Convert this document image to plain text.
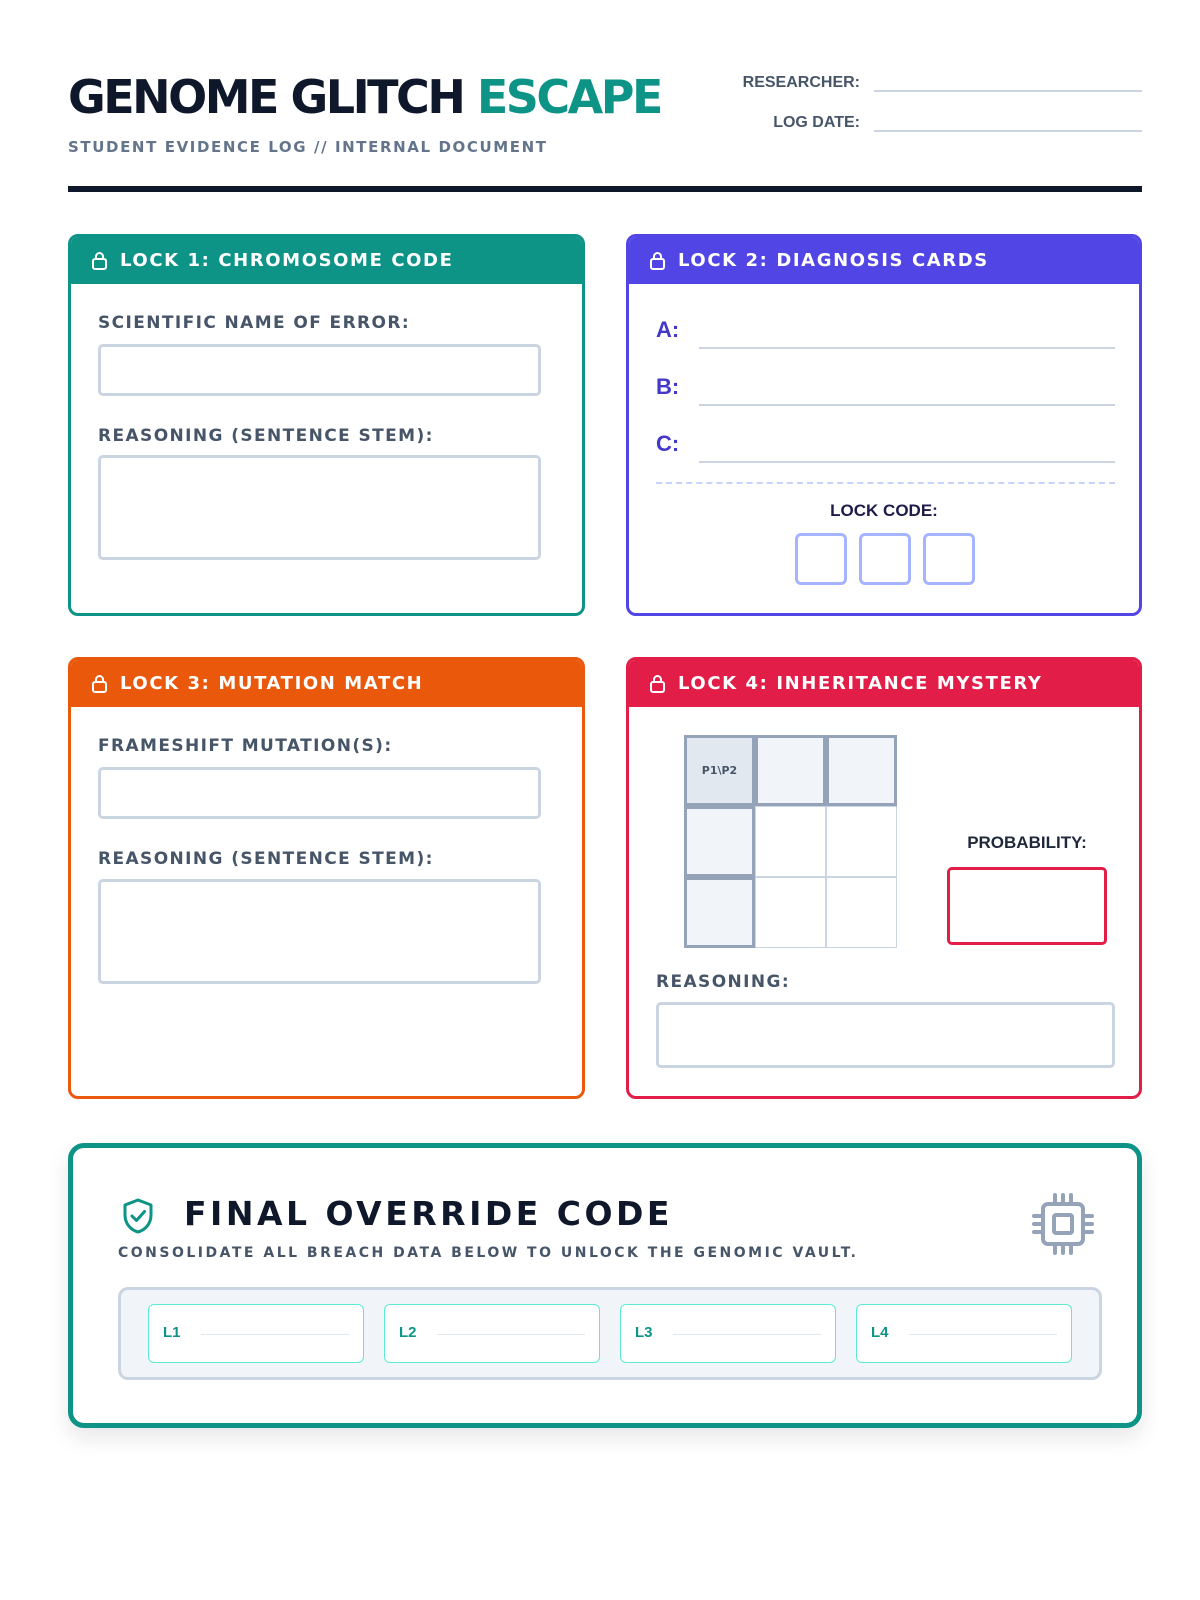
GENOME GLITCH ESCAPE
STUDENT EVIDENCE LOG // INTERNAL DOCUMENT
RESEARCHER:
LOG DATE:
LOCK 1: CHROMOSOME CODE
SCIENTIFIC NAME OF ERROR:
REASONING (SENTENCE STEM):
LOCK 2: DIAGNOSIS CARDS
A:
B:
C:
LOCK CODE:
LOCK 3: MUTATION MATCH
FRAMESHIFT MUTATION(S):
REASONING (SENTENCE STEM):
LOCK 4: INHERITANCE MYSTERY
P1\P2
PROBABILITY:
REASONING:
FINAL OVERRIDE CODE
CONSOLIDATE ALL BREACH DATA BELOW TO UNLOCK THE GENOMIC VAULT.
L1	L2	L3	L4
